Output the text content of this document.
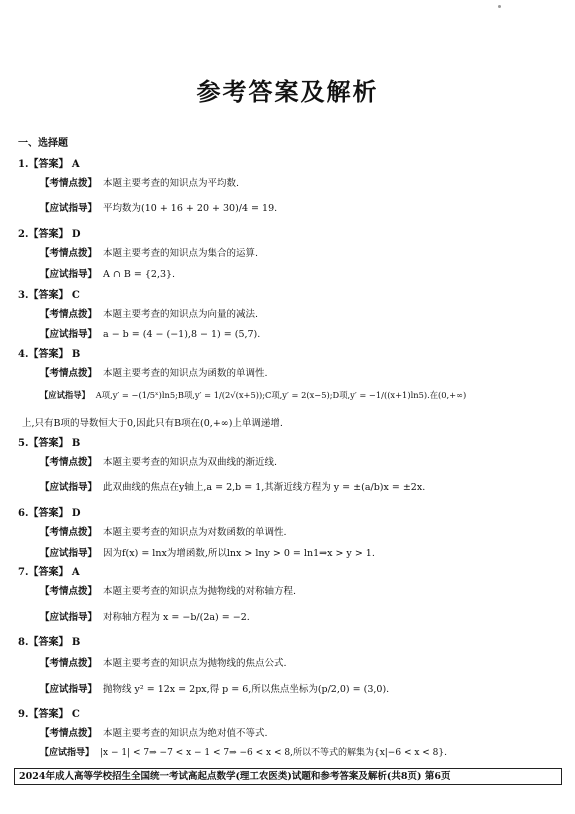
参考答案及解析
一、选择题
1.【答案】 A
【考情点拨】 本题主要考查的知识点为平均数.
【应试指导】 平均数为(10 + 16 + 20 + 30)/4 = 19.
2.【答案】 D
【考情点拨】 本题主要考查的知识点为集合的运算.
【应试指导】 A ∩ B = {2,3}.
3.【答案】 C
【考情点拨】 本题主要考查的知识点为向量的减法.
【应试指导】 a − b = (4 − (−1),8 − 1) = (5,7).
4.【答案】 B
【考情点拨】 本题主要考查的知识点为函数的单调性.
【应试指导】 A项,y′ = −(1/5ˣ)ln5;B项,y′ = 1/(2√(x+5));C项,y′ = 2(x−5);D项,y′ = −1/((x+1)ln5).在(0,+∞)
上,只有B项的导数恒大于0,因此只有B项在(0,+∞)上单调递增.
5.【答案】 B
【考情点拨】 本题主要考查的知识点为双曲线的渐近线.
【应试指导】 此双曲线的焦点在y轴上,a = 2,b = 1,其渐近线方程为 y = ±(a/b)x = ±2x.
6.【答案】 D
【考情点拨】 本题主要考查的知识点为对数函数的单调性.
【应试指导】 因为f(x) = lnx为增函数,所以lnx > lny > 0 = ln1⇒x > y > 1.
7.【答案】 A
【考情点拨】 本题主要考查的知识点为抛物线的对称轴方程.
【应试指导】 对称轴方程为 x = −b/(2a) = −2.
8.【答案】 B
【考情点拨】 本题主要考查的知识点为抛物线的焦点公式.
【应试指导】 抛物线 y² = 12x = 2px,得 p = 6,所以焦点坐标为(p/2,0) = (3,0).
9.【答案】 C
【考情点拨】 本题主要考查的知识点为绝对值不等式.
【应试指导】 |x − 1| < 7⇒ −7 < x − 1 < 7⇒ −6 < x < 8,所以不等式的解集为{x|−6 < x < 8}.
2024年成人高等学校招生全国统一考试高起点数学(理工农医类)试题和参考答案及解析(共8页) 第6页
